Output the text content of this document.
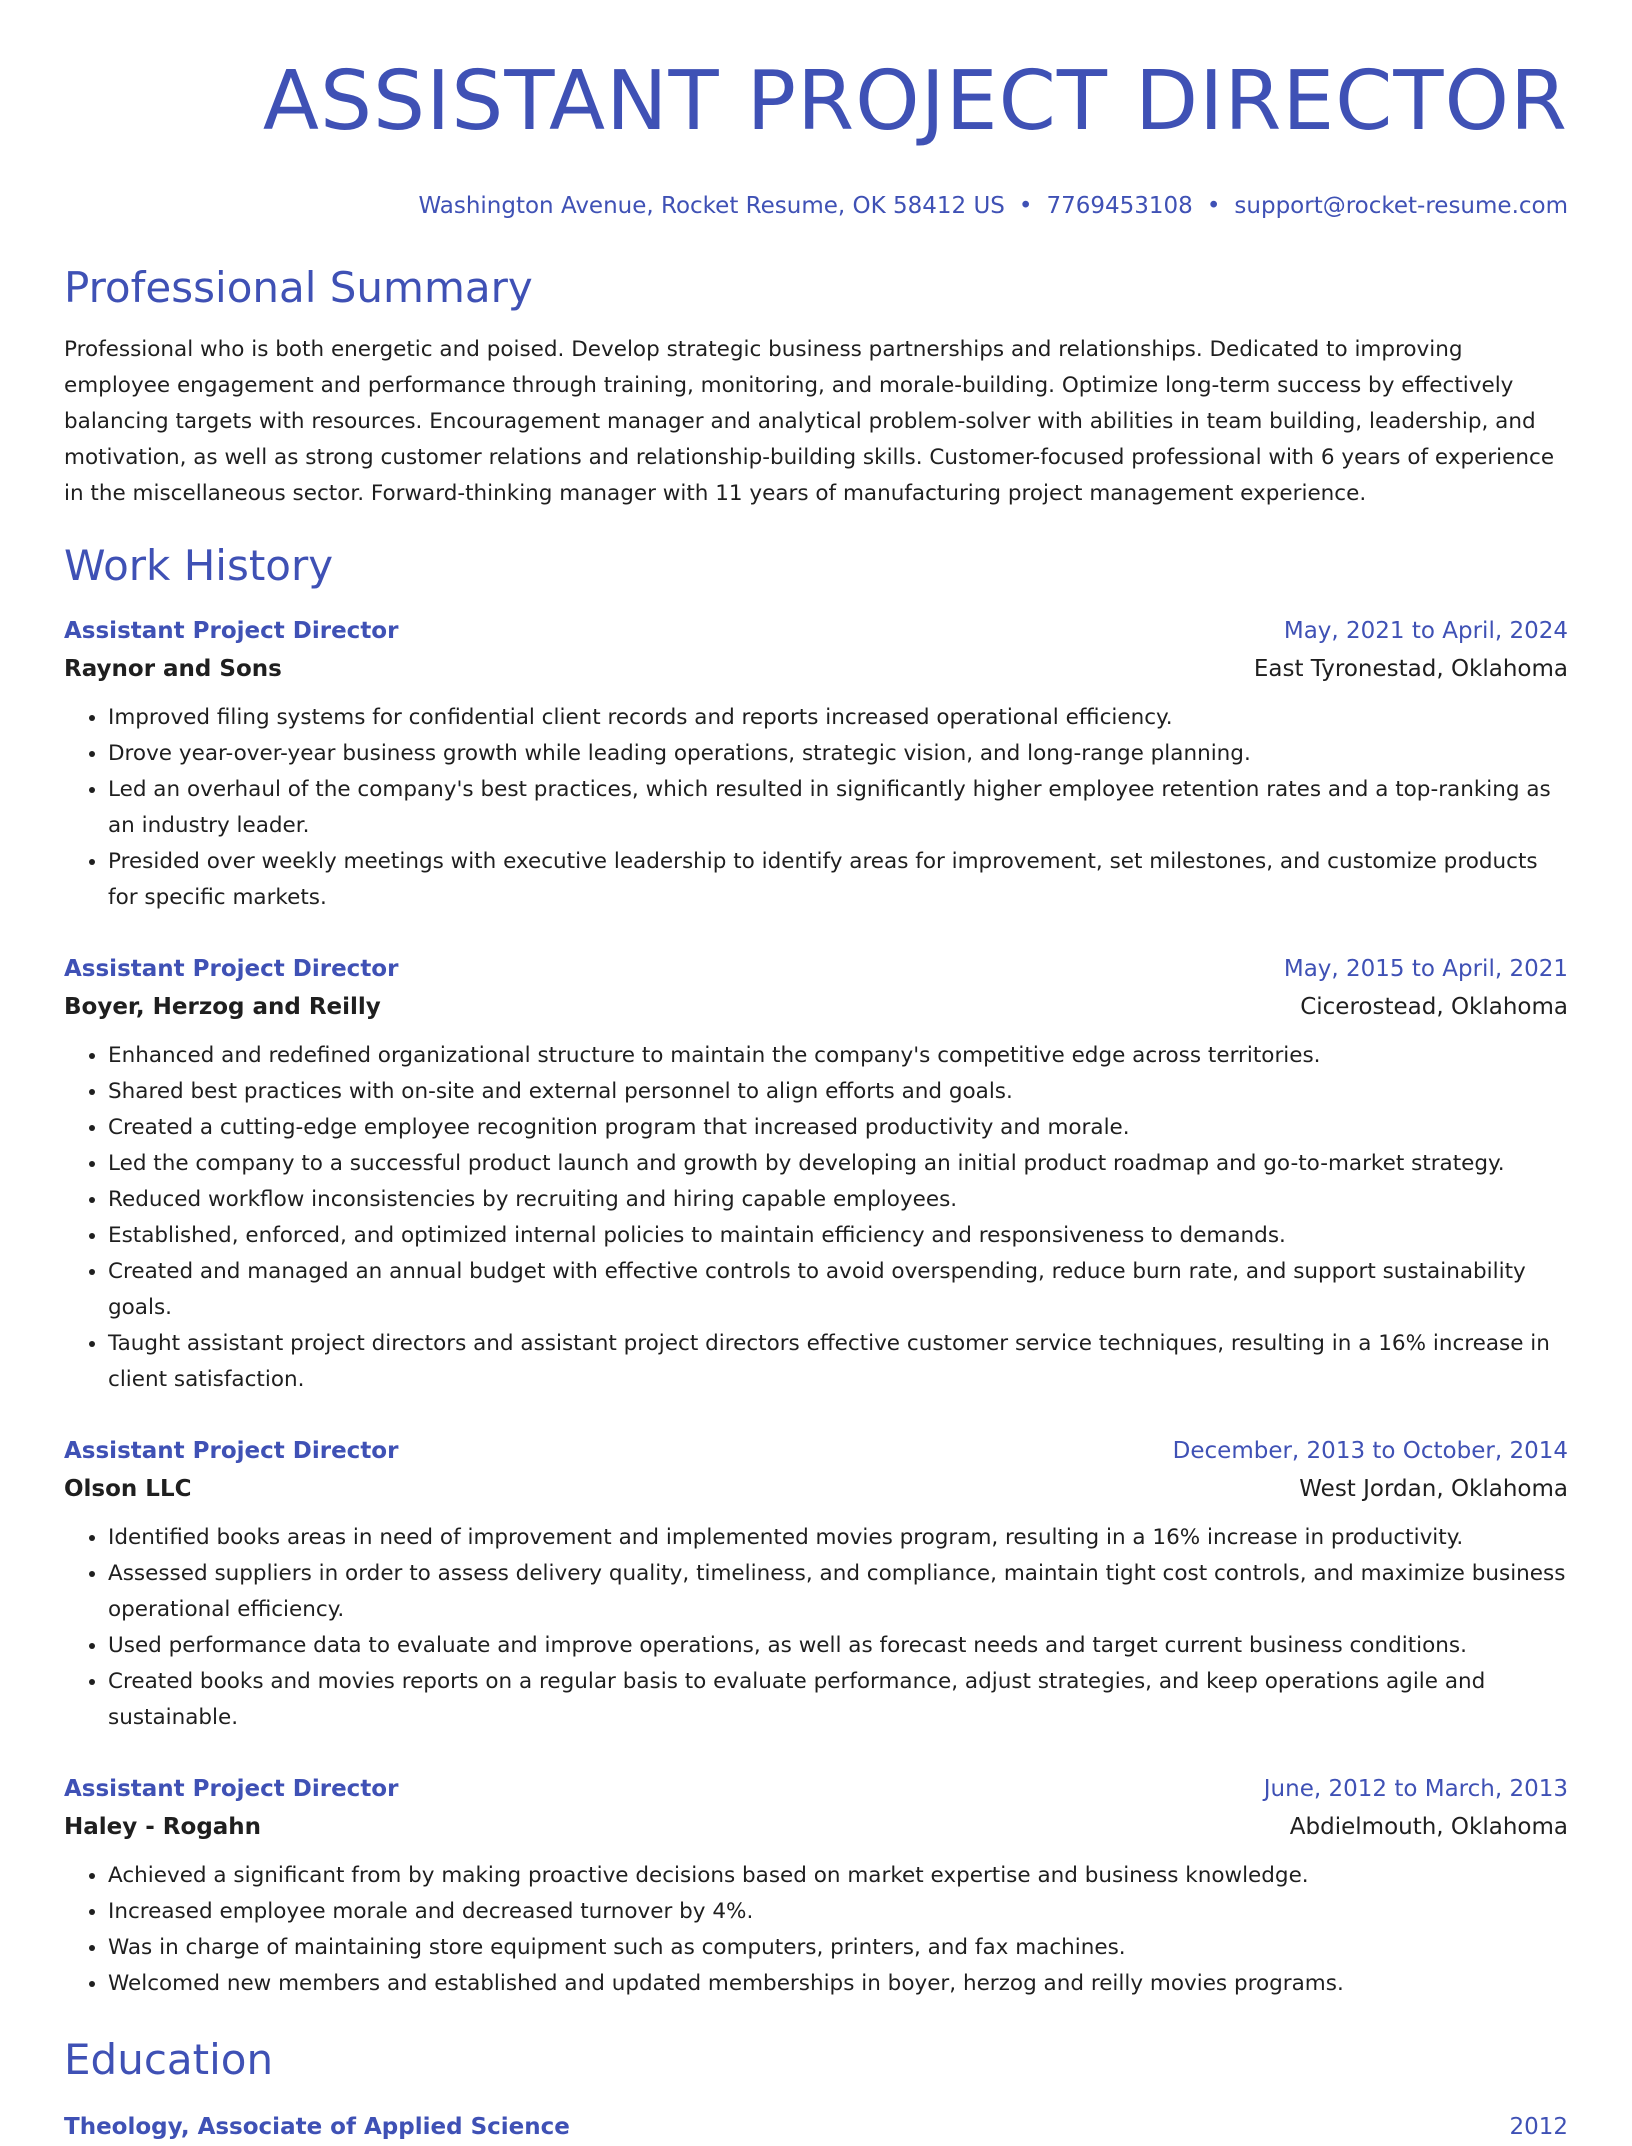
ASSISTANT PROJECT DIRECTOR
Washington Avenue, Rocket Resume, OK 58412 US • 7769453108 • support@rocket-resume.com
Professional Summary
Professional who is both energetic and poised. Develop strategic business partnerships and relationships. Dedicated to improving employee engagement and performance through training, monitoring, and morale-building. Optimize long-term success by effectively balancing targets with resources. Encouragement manager and analytical problem-solver with abilities in team building, leadership, and motivation, as well as strong customer relations and relationship-building skills. Customer-focused professional with 6 years of experience in the miscellaneous sector. Forward-thinking manager with 11 years of manufacturing project management experience.
Work History
Assistant Project Director	May, 2021 to April, 2024
Raynor and Sons	East Tyronestad, Oklahoma
• Improved filing systems for confidential client records and reports increased operational efficiency.
• Drove year-over-year business growth while leading operations, strategic vision, and long-range planning.
• Led an overhaul of the company's best practices, which resulted in significantly higher employee retention rates and a top-ranking as an industry leader.
• Presided over weekly meetings with executive leadership to identify areas for improvement, set milestones, and customize products for specific markets.
Assistant Project Director	May, 2015 to April, 2021
Boyer, Herzog and Reilly	Cicerostead, Oklahoma
• Enhanced and redefined organizational structure to maintain the company's competitive edge across territories.
• Shared best practices with on-site and external personnel to align efforts and goals.
• Created a cutting-edge employee recognition program that increased productivity and morale.
• Led the company to a successful product launch and growth by developing an initial product roadmap and go-to-market strategy.
• Reduced workflow inconsistencies by recruiting and hiring capable employees.
• Established, enforced, and optimized internal policies to maintain efficiency and responsiveness to demands.
• Created and managed an annual budget with effective controls to avoid overspending, reduce burn rate, and support sustainability goals.
• Taught assistant project directors and assistant project directors effective customer service techniques, resulting in a 16% increase in client satisfaction.
Assistant Project Director	December, 2013 to October, 2014
Olson LLC	West Jordan, Oklahoma
• Identified books areas in need of improvement and implemented movies program, resulting in a 16% increase in productivity.
• Assessed suppliers in order to assess delivery quality, timeliness, and compliance, maintain tight cost controls, and maximize business operational efficiency.
• Used performance data to evaluate and improve operations, as well as forecast needs and target current business conditions.
• Created books and movies reports on a regular basis to evaluate performance, adjust strategies, and keep operations agile and sustainable.
Assistant Project Director	June, 2012 to March, 2013
Haley - Rogahn	Abdielmouth, Oklahoma
• Achieved a significant from by making proactive decisions based on market expertise and business knowledge.
• Increased employee morale and decreased turnover by 4%.
• Was in charge of maintaining store equipment such as computers, printers, and fax machines.
• Welcomed new members and established and updated memberships in boyer, herzog and reilly movies programs.
Education
Theology, Associate of Applied Science	2012
